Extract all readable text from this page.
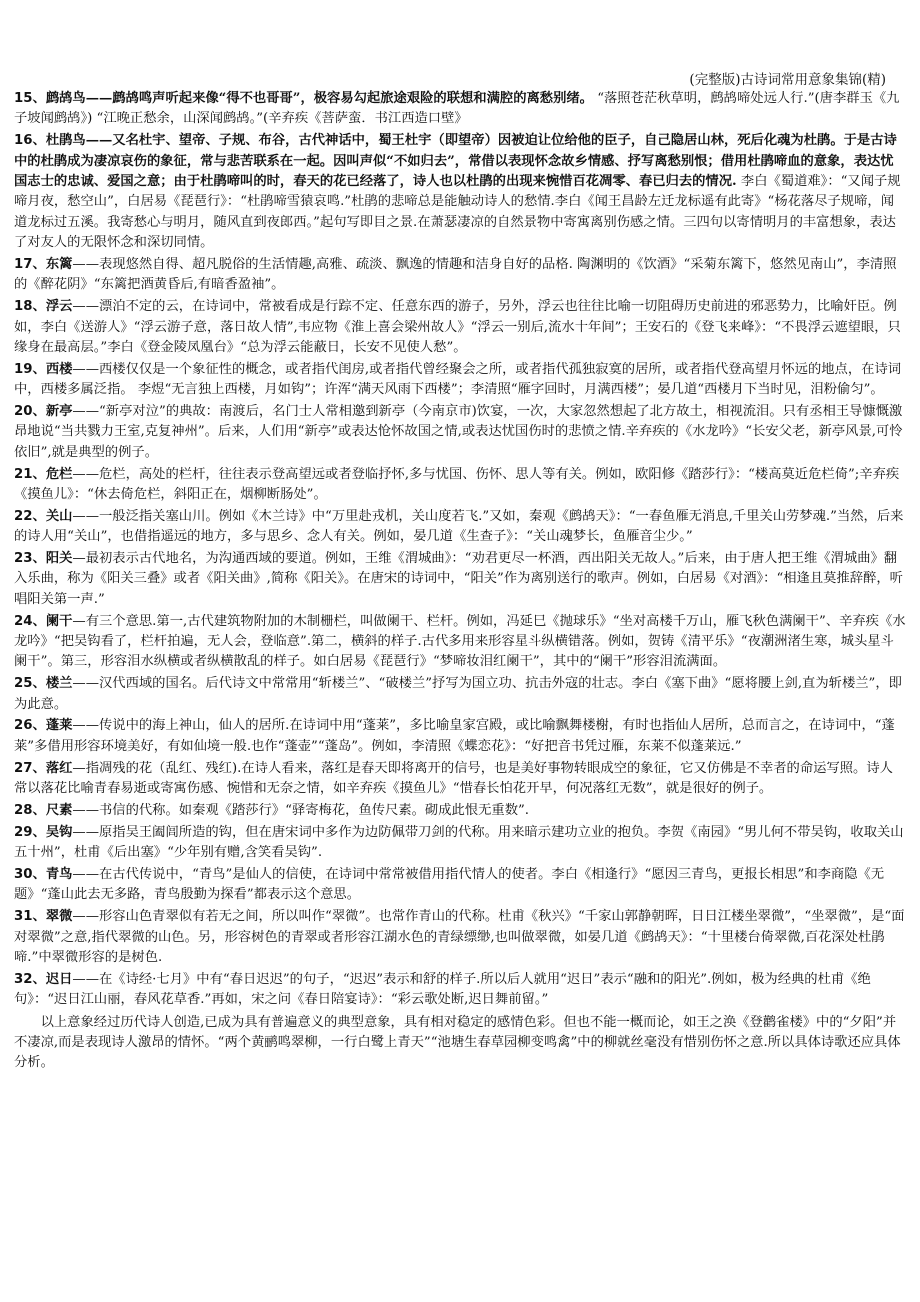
(完整版)古诗词常用意象集锦(精)
15、鹧鸪鸟——鹧鸪鸣声听起来像“得不也哥哥”，极容易勾起旅途艰险的联想和满腔的离愁别绪。 “落照苍茫秋草明，鹧鸪啼处远人行.”(唐李群玉《九子坡闻鹧鸪》) “江晚正愁余，山深闻鹧鸪。”(辛弃疾《菩萨蛮．书江西造口壁》
16、杜鹃鸟——又名杜宇、望帝、子规、布谷，古代神话中，蜀王杜宇（即望帝）因被迫让位给他的臣子，自己隐居山林，死后化魂为杜鹃。于是古诗中的杜鹃成为凄凉哀伤的象征，常与悲苦联系在一起。因叫声似“不如归去”，常借以表现怀念故乡情感、抒写离愁别恨；借用杜鹃啼血的意象，表达忧国志士的忠诚、爱国之意；由于杜鹃啼叫的时，春天的花已经落了，诗人也以杜鹃的出现来惋惜百花凋零、春已归去的情况. 李白《蜀道难》：“又闻子规啼月夜，愁空山”，白居易《琵琶行》：“杜鹃啼雪猿哀鸣.”杜鹃的悲啼总是能触动诗人的愁情.李白《闻王昌龄左迁龙标遥有此寄》“杨花落尽子规啼，闻道龙标过五溪。我寄愁心与明月，随风直到夜郎西。”起句写即目之景.在萧瑟凄凉的自然景物中寄寓离别伤感之情。三四句以寄情明月的丰富想象，表达了对友人的无限怀念和深切同情。
17、东篱——表现悠然自得、超凡脱俗的生活情趣,高雅、疏淡、飘逸的情趣和洁身自好的品格. 陶渊明的《饮酒》“采菊东篱下，悠然见南山”，李清照的《醉花阴》“东篱把酒黄昏后,有暗香盈袖”。
18、浮云——漂泊不定的云，在诗词中，常被看成是行踪不定、任意东西的游子，另外，浮云也往往比喻一切阻碍历史前进的邪恶势力，比喻奸臣。例如，李白《送游人》“浮云游子意，落日故人情”,韦应物《淮上喜会梁州故人》“浮云一别后,流水十年间”；王安石的《登飞来峰》：“不畏浮云遮望眼，只缘身在最高层。”李白《登金陵凤凰台》“总为浮云能蔽日，长安不见使人愁”。
19、西楼——西楼仅仅是一个象征性的概念，或者指代闺房,或者指代曾经聚会之所，或者指代孤独寂寞的居所，或者指代登高望月怀远的地点，在诗词中，西楼多属泛指。 李煜“无言独上西楼，月如钩”；许浑“满天风雨下西楼”；李清照“雁字回时，月满西楼”；晏几道“西楼月下当时见，泪粉偷匀”。
20、新亭——“新亭对泣”的典故：南渡后，名门士人常相邀到新亭（今南京市)饮宴，一次，大家忽然想起了北方故土，相视流泪。只有丞相王导慷慨激昂地说“当共戮力王室,克复神州”。后来，人们用“新亭”或表达怆怀故国之情,或表达忧国伤时的悲愤之情.辛弃疾的《水龙吟》“长安父老，新亭风景,可怜依旧”,就是典型的例子。
21、危栏——危栏，高处的栏杆，往往表示登高望远或者登临抒怀,多与忧国、伤怀、思人等有关。例如，欧阳修《踏莎行》：“楼高莫近危栏倚”;辛弃疾《摸鱼儿》：“休去倚危栏，斜阳正在，烟柳断肠处”。
22、关山——一般泛指关塞山川。例如《木兰诗》中“万里赴戎机，关山度若飞.”又如，秦观《鹧鸪天》：“一春鱼雁无消息,千里关山劳梦魂.”当然，后来的诗人用“关山”，也借指遥远的地方，多与思乡、念人有关。例如，晏几道《生查子》：“关山魂梦长，鱼雁音尘少。”
23、阳关—最初表示古代地名，为沟通西域的要道。例如，王维《渭城曲》：“劝君更尽一杯酒，西出阳关无故人。”后来，由于唐人把王维《渭城曲》翻入乐曲，称为《阳关三叠》或者《阳关曲》,简称《阳关》。在唐宋的诗词中，“阳关”作为离别送行的歌声。例如，白居易《对酒》：“相逢且莫推辞醉，听唱阳关第一声.”
24、阑干—有三个意思.第一,古代建筑物附加的木制栅栏，叫做阑干、栏杆。例如，冯延巳《抛球乐》“坐对高楼千万山，雁飞秋色满阑干”、辛弃疾《水龙吟》“把吴钩看了，栏杆拍遍，无人会，登临意”.第二，横斜的样子.古代多用来形容星斗纵横错落。例如，贺铸《清平乐》“夜潮洲渚生寒，城头星斗阑干”。第三，形容泪水纵横或者纵横散乱的样子。如白居易《琵琶行》“梦啼妆泪红阑干”，其中的“阑干”形容泪流满面。
25、楼兰——汉代西域的国名。后代诗文中常常用“斩楼兰”、“破楼兰”抒写为国立功、抗击外寇的壮志。李白《塞下曲》“愿将腰上剑,直为斩楼兰”，即为此意。
26、蓬莱——传说中的海上神山，仙人的居所.在诗词中用“蓬莱”，多比喻皇家宫殿，或比喻飘舞楼榭，有时也指仙人居所，总而言之，在诗词中，“蓬莱”多借用形容环境美好，有如仙境一般.也作“蓬壶”“蓬岛”。例如，李清照《蝶恋花》：“好把音书凭过雁，东莱不似蓬莱远.”
27、落红—指凋残的花（乱红、残红).在诗人看来，落红是春天即将离开的信号，也是美好事物转眼成空的象征，它又仿佛是不幸者的命运写照。诗人常以落花比喻青春易逝或寄寓伤感、惋惜和无奈之情，如辛弃疾《摸鱼儿》“惜春长怕花开早，何况落红无数”，就是很好的例子。
28、尺素——书信的代称。如秦观《踏莎行》“驿寄梅花，鱼传尺素。砌成此恨无重数”.
29、吴钩——原指吴王阖闾所造的钩，但在唐宋词中多作为边防佩带刀剑的代称。用来暗示建功立业的抱负。李贺《南园》“男儿何不带吴钩，收取关山五十州”，杜甫《后出塞》“少年别有赠,含笑看吴钩”.
30、青鸟——在古代传说中，“青鸟”是仙人的信使，在诗词中常常被借用指代情人的使者。李白《相逢行》“愿因三青鸟，更报长相思”和李商隐《无题》“蓬山此去无多路，青鸟殷勤为探看”都表示这个意思。
31、翠微——形容山色青翠似有若无之间，所以叫作“翠微”。也常作青山的代称。杜甫《秋兴》“千家山郭静朝晖，日日江楼坐翠微”，“坐翠微”，是“面对翠微”之意,指代翠微的山色。另，形容树色的青翠或者形容江湖水色的青绿缥缈,也叫做翠微，如晏几道《鹧鸪天》：“十里楼台倚翠微,百花深处杜鹃啼.”中翠微形容的是树色.
32、迟日——在《诗经·七月》中有“春日迟迟”的句子，“迟迟”表示和舒的样子.所以后人就用“迟日”表示“融和的阳光”.例如，极为经典的杜甫《绝句》：“迟日江山丽，春风花草香.”再如，宋之问《春日陪宴诗》：“彩云歌处断,迟日舞前留。”
以上意象经过历代诗人创造,已成为具有普遍意义的典型意象，具有相对稳定的感情色彩。但也不能一概而论，如王之涣《登鹳雀楼》中的“夕阳”并不凄凉,而是表现诗人激昂的情怀。“两个黄鹂鸣翠柳，一行白鹭上青天”“池塘生春草园柳变鸣禽”中的柳就丝毫没有惜别伤怀之意.所以具体诗歌还应具体分析。
